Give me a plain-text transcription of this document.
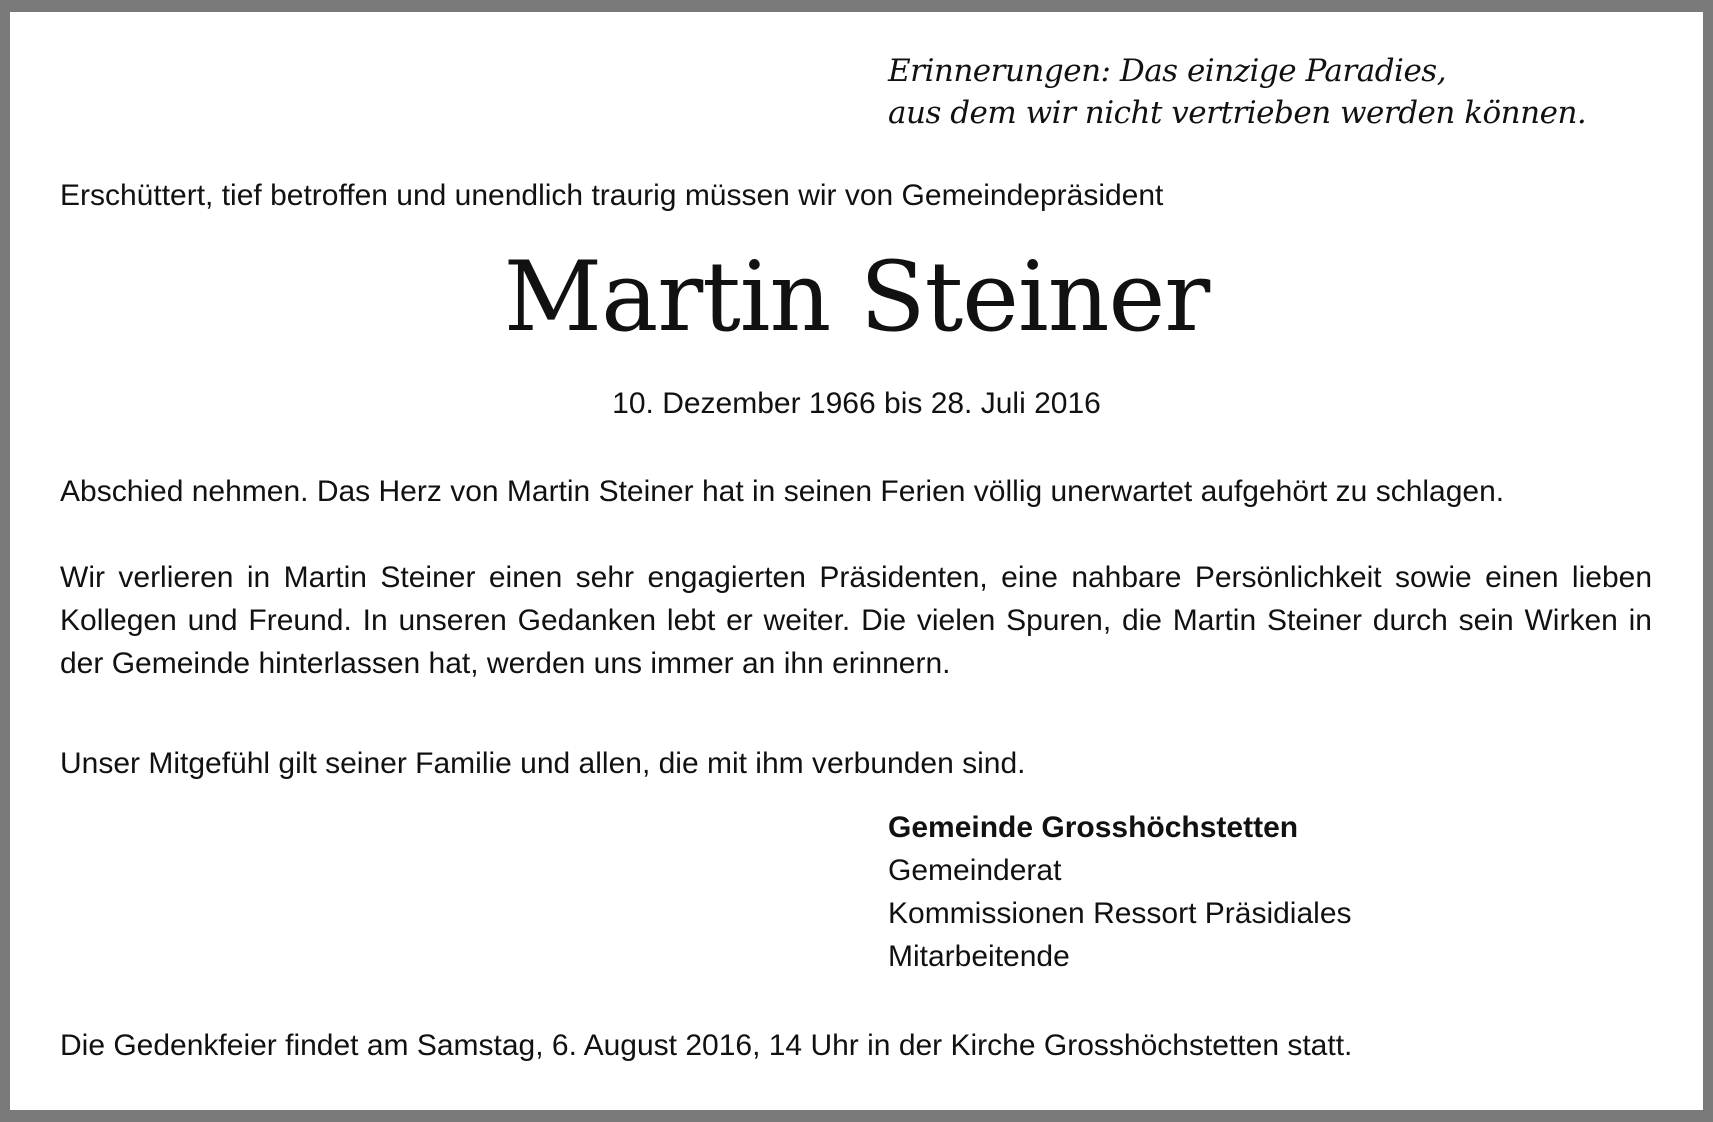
Erinnerungen: Das einzige Paradies,
aus dem wir nicht vertrieben werden können.

Erschüttert, tief betroffen und unendlich traurig müssen wir von Gemeindepräsident

Martin Steiner

10. Dezember 1966 bis 28. Juli 2016

Abschied nehmen. Das Herz von Martin Steiner hat in seinen Ferien völlig unerwartet aufgehört zu schlagen.

Wir verlieren in Martin Steiner einen sehr engagierten Präsidenten, eine nahbare Persönlichkeit sowie einen lieben Kollegen und Freund. In unseren Gedanken lebt er weiter. Die vielen Spuren, die Martin Steiner durch sein Wirken in der Gemeinde hinterlassen hat, werden uns immer an ihn erinnern.

Unser Mitgefühl gilt seiner Familie und allen, die mit ihm verbunden sind.

Gemeinde Grosshöchstetten
Gemeinderat
Kommissionen Ressort Präsidiales
Mitarbeitende

Die Gedenkfeier findet am Samstag, 6. August 2016, 14 Uhr in der Kirche Grosshöchstetten statt.
